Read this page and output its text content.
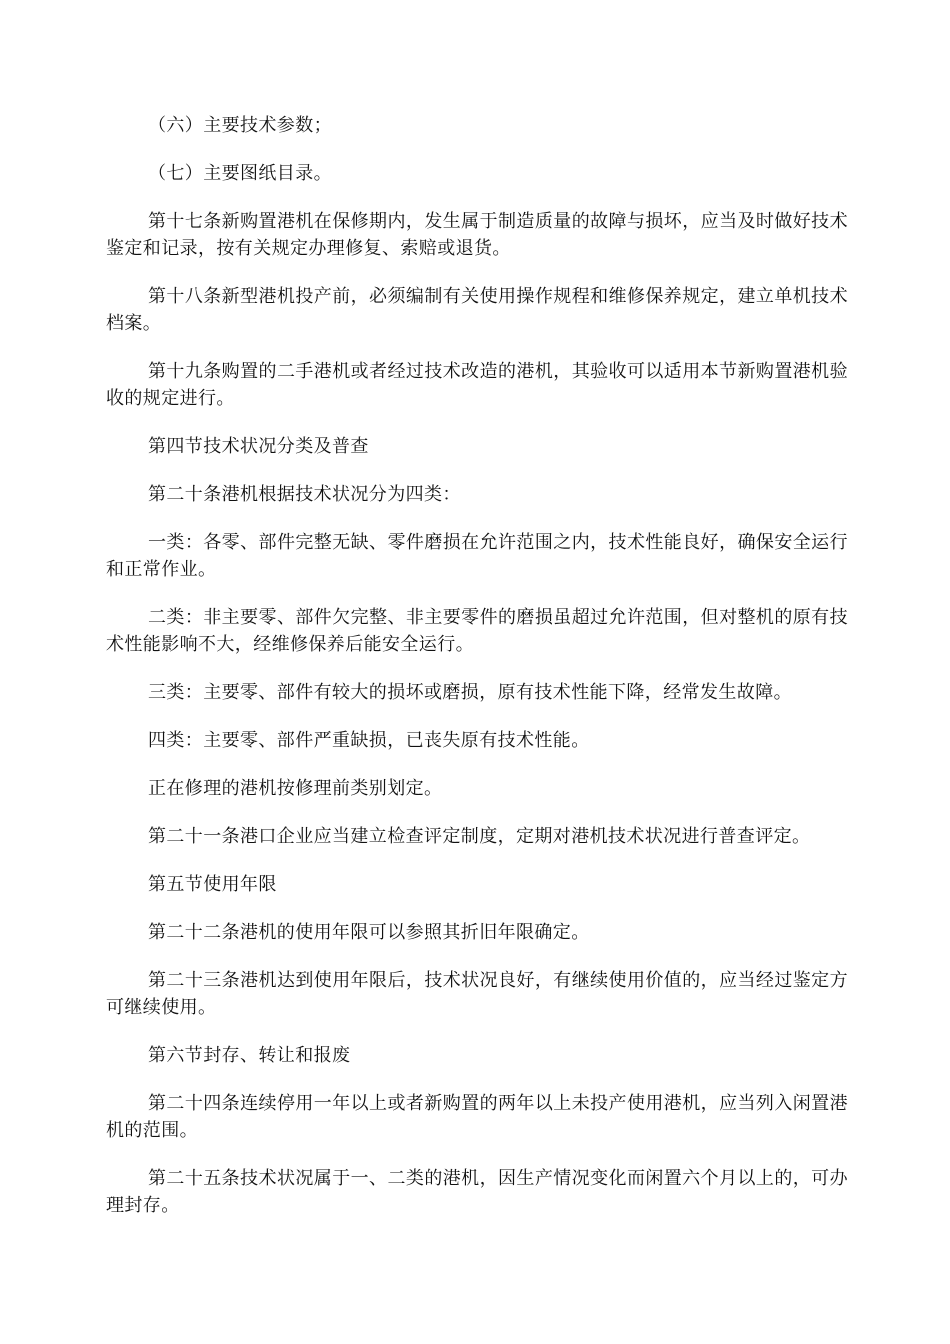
（六）主要技术参数；

（七）主要图纸目录。

第十七条新购置港机在保修期内，发生属于制造质量的故障与损坏，应当及时做好技术鉴定和记录，按有关规定办理修复、索赔或退货。

第十八条新型港机投产前，必须编制有关使用操作规程和维修保养规定，建立单机技术档案。

第十九条购置的二手港机或者经过技术改造的港机，其验收可以适用本节新购置港机验收的规定进行。

第四节技术状况分类及普查

第二十条港机根据技术状况分为四类：

一类：各零、部件完整无缺、零件磨损在允许范围之内，技术性能良好，确保安全运行和正常作业。

二类：非主要零、部件欠完整、非主要零件的磨损虽超过允许范围，但对整机的原有技术性能影响不大，经维修保养后能安全运行。

三类：主要零、部件有较大的损坏或磨损，原有技术性能下降，经常发生故障。

四类：主要零、部件严重缺损，已丧失原有技术性能。

正在修理的港机按修理前类别划定。

第二十一条港口企业应当建立检查评定制度，定期对港机技术状况进行普查评定。

第五节使用年限

第二十二条港机的使用年限可以参照其折旧年限确定。

第二十三条港机达到使用年限后，技术状况良好，有继续使用价值的，应当经过鉴定方可继续使用。

第六节封存、转让和报废

第二十四条连续停用一年以上或者新购置的两年以上未投产使用港机，应当列入闲置港机的范围。

第二十五条技术状况属于一、二类的港机，因生产情况变化而闲置六个月以上的，可办理封存。
